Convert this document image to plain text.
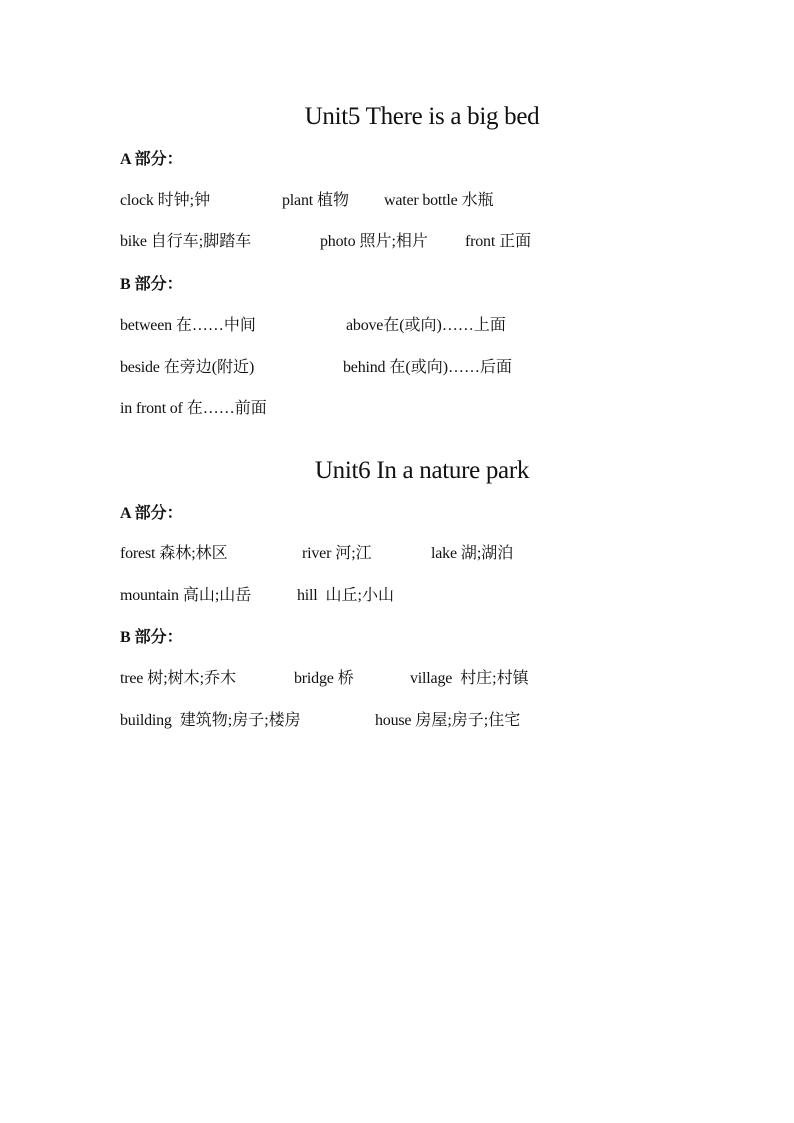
Unit5 There is a big bed
A 部分：
clock 时钟;钟	plant 植物 water bottle 水瓶
bike 自行车;脚踏车	photo 照片;相片 front 正面
B 部分：
between 在……中间	above在(或向)……上面
beside 在旁边(附近)	behind 在(或向)……后面
in front of 在……前面
Unit6 In a nature park
A 部分：
forest 森林;林区	river 河;江	lake 湖;湖泊
mountain 高山;山岳	hill 山丘;小山
B 部分：
tree 树;树木;乔木	bridge 桥	village 村庄;村镇
building 建筑物;房子;楼房	house 房屋;房子;住宅
